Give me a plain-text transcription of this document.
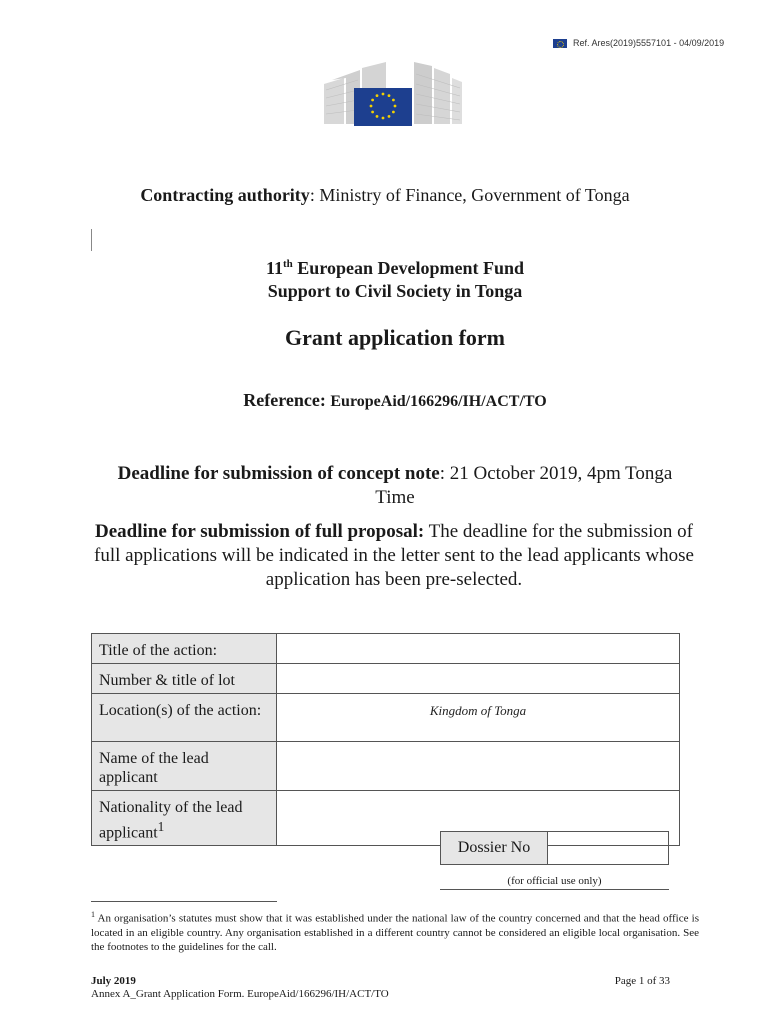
Ref. Ares(2019)5557101 - 04/09/2019
Contracting authority: Ministry of Finance, Government of Tonga
11th European Development Fund
Support to Civil Society in Tonga
Grant application form
Reference: EuropeAid/166296/IH/ACT/TO
Deadline for submission of concept note: 21 October 2019, 4pm Tonga Time
Deadline for submission of full proposal: The deadline for the submission of full applications will be indicated in the letter sent to the lead applicants whose application has been pre-selected.
Title of the action:	
Number & title of lot	
Location(s) of the action:	Kingdom of Tonga
Name of the lead applicant	
Nationality of the lead applicant$^1$	
Dossier No
(for official use only)
$^1$ An organisation’s statutes must show that it was established under the national law of the country concerned and that the head office is located in an eligible country. Any organisation established in a different country cannot be considered an eligible local organisation. See the footnotes to the guidelines for the call.
July 2019
Annex A_Grant Application Form. EuropeAid/166296/IH/ACT/TO
Page 1 of 33
